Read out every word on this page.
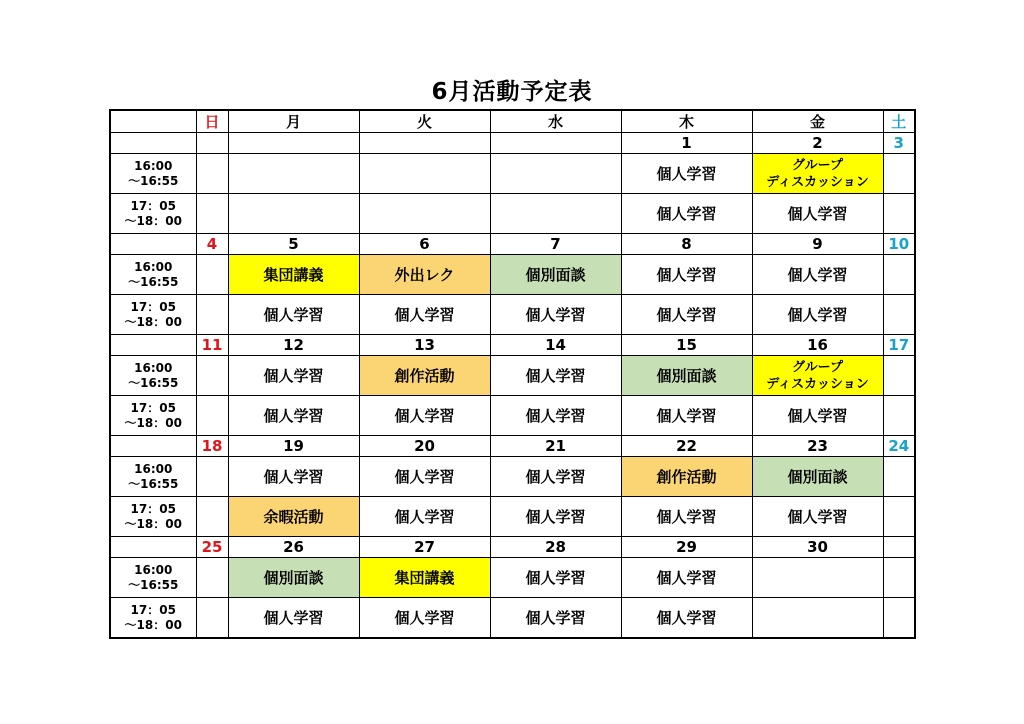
6月活動予定表
	日	月	火	水	木	金	土
					1	2	3

16:00
～16:55					個人学習	グループ
ディスカッション	

17：05
～18：00					個人学習	個人学習	
	4	5	6	7	8	9	10

16:00
～16:55		集団講義	外出レク	個別面談	個人学習	個人学習	

17：05
～18：00		個人学習	個人学習	個人学習	個人学習	個人学習	
	11	12	13	14	15	16	17

16:00
～16:55		個人学習	創作活動	個人学習	個別面談	グループ
ディスカッション	

17：05
～18：00		個人学習	個人学習	個人学習	個人学習	個人学習	
	18	19	20	21	22	23	24

16:00
～16:55		個人学習	個人学習	個人学習	創作活動	個別面談	

17：05
～18：00		余暇活動	個人学習	個人学習	個人学習	個人学習	
	25	26	27	28	29	30	

16:00
～16:55		個別面談	集団講義	個人学習	個人学習		

17：05
～18：00		個人学習	個人学習	個人学習	個人学習		
